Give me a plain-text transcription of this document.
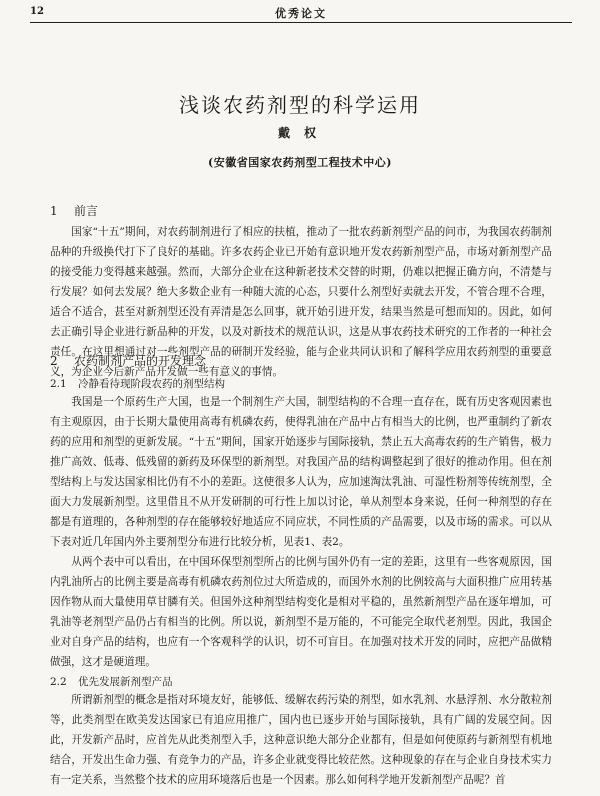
12	优秀论文
浅谈农药剂型的科学运用
戴权
(安徽省国家农药剂型工程技术中心)
1 前言

国家“十五”期间，对农药制剂进行了相应的扶植，推动了一批农药新剂型产品的问市，为我国农药制剂品种的升级换代打下了良好的基础。许多农药企业已开始有意识地开发农药新剂型产品，市场对新剂型产品的接受能力变得越来越强。然而，大部分企业在这种新老技术交替的时期，仍难以把握正确方向，不清楚与行发展？如何去发展？绝大多数企业有一种随大流的心态，只要什么剂型好卖就去开发，不管合理不合理，适合不适合，甚至对新剂型还没有弄清是怎么回事，就开始引进开发，结果当然是可想而知的。因此，如何去正确引导企业进行新品种的开发，以及对新技术的规范认识，这是从事农药技术研究的工作者的一种社会责任。在这里想通过对一些剂型产品的研制开发经验，能与企业共同认识和了解科学应用农药剂型的重要意义，为企业今后新产品开发做一些有意义的事情。

2 农药制剂产品的开发理念
2.1 冷静看待现阶段农药的剂型结构

我国是一个原药生产大国，也是一个制剂生产大国，制型结构的不合理一直存在，既有历史客观因素也有主观原因，由于长期大量使用高毒有机磷农药，使得乳油在产品中占有相当大的比例，也严重制约了新农药的应用和剂型的更新发展。“十五”期间，国家开始逐步与国际接轨，禁止五大高毒农药的生产销售，极力推广高效、低毒、低残留的新药及环保型的新剂型。对我国产品的结构调整起到了很好的推动作用。但在剂型结构上与发达国家相比仍有不小的差距。这使很多人认为，应加速淘汰乳油、可湿性粉剂等传统剂型，全面大力发展新剂型。这里借且不从开发研制的可行性上加以讨论，单从剂型本身来说，任何一种剂型的存在都是有道理的，各种剂型的存在能够较好地适应不同应状，不同性质的产品需要，以及市场的需求。可以从下表对近几年国内外主要剂型分布进行比较分析，见表1、表2。

从两个表中可以看出，在中国环保型剂型所占的比例与国外仍有一定的差距，这里有一些客观原因，国内乳油所占的比例主要是高毒有机磷农药剂位过大所造成的，而国外水剂的比例较高与大面积推广应用转基因作物从而大量使用草甘膦有关。但国外这种剂型结构变化是相对平稳的，虽然新剂型产品在逐年增加，可乳油等老剂型产品仍占有相当的比例。所以说，新剂型不是万能的，不可能完全取代老剂型。因此，我国企业对自身产品的结构，也应有一个客观科学的认识，切不可盲目。在加强对技术开发的同时，应把产品做精做强，这才是硬道理。

2.2 优先发展新剂型产品

所谓新剂型的概念是指对环境友好，能够低、缓解农药污染的剂型，如水乳剂、水悬浮剂、水分散粒剂等，此类剂型在欧美发达国家已有追应用推广，国内也已逐步开始与国际接轨，具有广阔的发展空间。因此，开发新产品时，应首先从此类剂型入手，这种意识绝大部分企业都有，但是如何使原药与新剂型有机地结合，开发出生命力强、有竞争力的产品，许多企业就变得比较茫然。这种现象的存在与企业自身技术实力有一定关系，当然整个技术的应用环境落后也是一个因素。那么如何科学地开发新剂型产品呢？首
